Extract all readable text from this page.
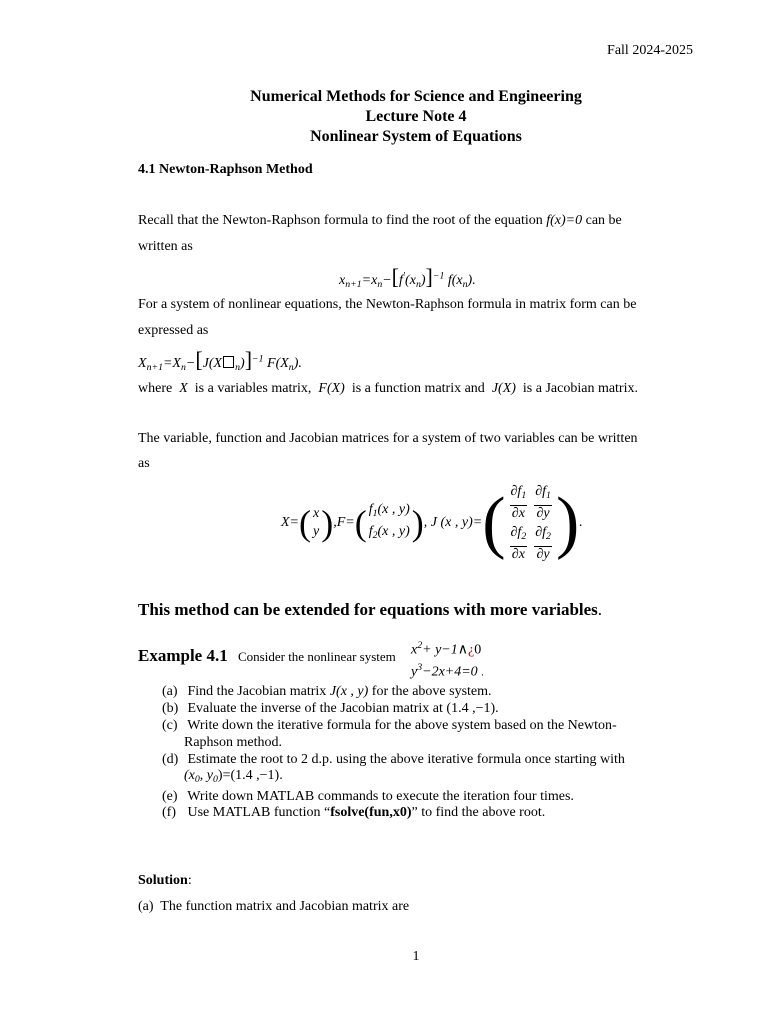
Fall 2024-2025
Numerical Methods for Science and Engineering
Lecture Note 4
Nonlinear System of Equations
4.1 Newton-Raphson Method
Recall that the Newton-Raphson formula to find the root of the equation f(x)=0 can be
written as
$x_{n+1}=x_n-[f'(x_n)]^{-1}$ $f(x_n)$.
For a system of nonlinear equations, the Newton-Raphson formula in matrix form can be
expressed as
$X_{n+1}=X_n-[J(X$ $_n$)]$^{-1}$ $F(X_n)$.
where X is a variables matrix, F(X) is a function matrix and J(X) is a Jacobian matrix.
The variable, function and Jacobian matrices for a system of two variables can be written
as
X= ( x
y ) ,F= ( $f_1(x$ , y)
$f_2(x$ , y) ) , J (x , y)= ( $\frac{\partial f_1}{\partial x} \frac{\partial f_1}{\partial y}$
$\frac{\partial f_2}{\partial x} \frac{\partial f_2}{\partial y}$ ) .
This method can be extended for equations with more variables.
Example 4.1 Consider the nonlinear system $x^2+$ y−1∧¿0
$y^3-2x+4=0$ .
(a) Find the Jacobian matrix J(x , y) for the above system.
(b) Evaluate the inverse of the Jacobian matrix at (1.4 ,−1).
(c) Write down the iterative formula for the above system based on the Newton-
Raphson method.
(d) Estimate the root to 2 d.p. using the above iterative formula once starting with
($x_0$, $y_0)=(1.4$ ,−1).
(e) Write down MATLAB commands to execute the iteration four times.
(f) Use MATLAB function “fsolve(fun,x0)” to find the above root.
Solution:
(a) The function matrix and Jacobian matrix are
1
